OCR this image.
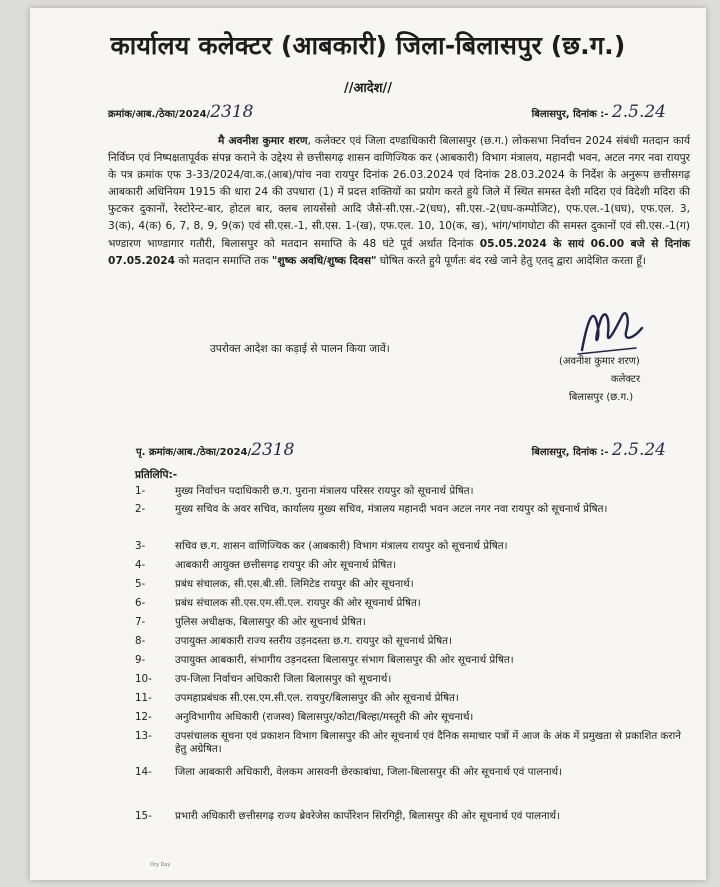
कार्यालय कलेक्टर (आबकारी) जिला-बिलासपुर (छ.ग.)
//आदेश//
क्रमांक/आब./ठेका/2024/2318	बिलासपुर, दिनांक :- 2.5.24
मै अवनीश कुमार शरण, कलेक्टर एवं जिला दण्डाधिकारी बिलासपुर (छ.ग.) लोकसभा निर्वाचन 2024 संबंधी मतदान कार्य निर्विघ्न एवं निष्पक्षतापूर्वक संपन्न कराने के उद्देश्य से छत्तीसगढ़ शासन वाणिज्यिक कर (आबकारी) विभाग मंत्रालय, महानदी भवन, अटल नगर नवा रायपुर के पत्र क्रमांक एफ 3-33/2024/वा.क.(आब)/पांच नवा रायपुर दिनांक 26.03.2024 एवं दिनांक 28.03.2024 के निर्देश के अनुरूप छत्तीसगढ़ आबकारी अधिनियम 1915 की धारा 24 की उपधारा (1) में प्रदत्त शक्तियों का प्रयोग करते हुये जिले में स्थित समस्त देशी मदिरा एवं विदेशी मदिरा की फुटकर दुकानों, रेस्टोरेन्ट-बार, होटल बार, क्लब लायसेंसो आदि जैसे-सी.एस.-2(घघ), सी.एस.-2(घघ-कम्पोजिट), एफ.एल.-1(घघ), एफ.एल. 3, 3(क), 4(क) 6, 7, 8, 9, 9(क) एवं सी.एस.-1, सी.एस. 1-(ख), एफ.एल. 10, 10(क, ख), भांग/भांगघोटा की समस्त दुकानों एवं सी.एस.-1(ग) भण्डारण भाण्डागार गतौरी, बिलासपुर को मतदान समाप्ति के 48 घंटे पूर्व अर्थात दिनांक 05.05.2024 के सायं 06.00 बजे से दिनांक 07.05.2024 को मतदान समाप्ति तक "शुष्क अवधि/शुष्क दिवस" घोषित करते हुये पूर्णतः बंद रखे जाने हेतु एतद् द्वारा आदेशित करता हूँ।
उपरोक्त आदेश का कड़ाई से पालन किया जावें।
(अवनीश कुमार शरण)
कलेक्टर
बिलासपुर (छ.ग.)
पृ. क्रमांक/आब./ठेका/2024/2318	बिलासपुर, दिनांक :- 2.5.24
प्रतिलिपि:-
1-	मुख्य निर्वाचन पदाधिकारी छ.ग. पुराना मंत्रालय परिसर रायपुर को सूचनार्थ प्रेषित।
2-	मुख्य सचिव के अवर सचिव, कार्यालय मुख्य सचिव, मंत्रालय महानदी भवन अटल नगर नवा रायपुर को सूचनार्थ प्रेषित।
3-	सचिव छ.ग. शासन वाणिज्यिक कर (आबकारी) विभाग मंत्रालय रायपुर को सूचनार्थ प्रेषित।
4-	आबकारी आयुक्त छत्तीसगढ़ रायपुर की ओर सूचनार्थ प्रेषित।
5-	प्रबंध संचालक, सी.एस.बी.सी. लिमिटेड रायपुर की ओर सूचनार्थ।
6-	प्रबंध संचालक सी.एस.एम.सी.एल. रायपुर की ओर सूचनार्थ प्रेषित।
7-	पुलिस अधीक्षक, बिलासपुर की ओर सूचनार्थ प्रेषित।
8-	उपायुक्त आबकारी राज्य स्तरीय उड़नदस्ता छ.ग. रायपुर को सूचनार्थ प्रेषित।
9-	उपायुक्त आबकारी, संभागीय उड़नदस्ता बिलासपुर संभाग बिलासपुर की ओर सूचनार्थ प्रेषित।
10-	उप-जिला निर्वाचन अधिकारी जिला बिलासपुर को सूचनार्थ।
11-	उपमहाप्रबंधक सी.एस.एम.सी.एल. रायपुर/बिलासपुर की ओर सूचनार्थ प्रेषित।
12-	अनुविभागीय अधिकारी (राजस्व) बिलासपुर/कोटा/बिल्हा/मस्तूरी की ओर सूचनार्थ।
13-	उपसंचालक सूचना एवं प्रकाशन विभाग बिलासपुर की ओर सूचनार्थ एवं दैनिक समाचार पत्रों में आज के अंक में प्रमुखता से प्रकाशित कराने हेतु अग्रेषित।
14-	जिला आबकारी अधिकारी, वेलकम आसवनी छेरकाबांधा, जिला-बिलासपुर की ओर सूचनार्थ एवं पालनार्थ।
15-	प्रभारी अधिकारी छत्तीसगढ़ राज्य ब्रेवरेजेस कार्पोरेशन सिरगिट्टी, बिलासपुर की ओर सूचनार्थ एवं पालनार्थ।
Dry Day
